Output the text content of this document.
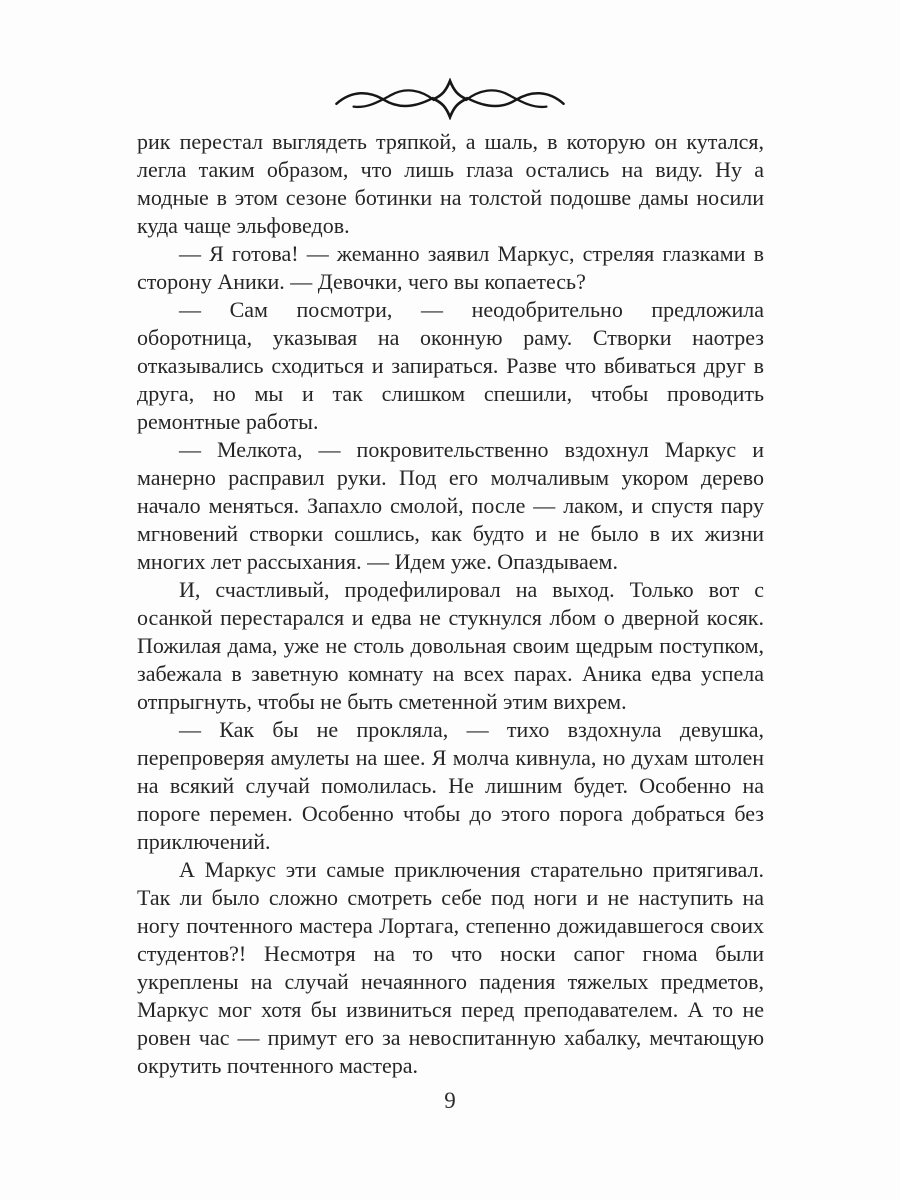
рик перестал выглядеть тряпкой, а шаль, в которую он кутался, легла таким образом, что лишь глаза остались на виду. Ну а модные в этом сезоне ботинки на толстой подошве дамы носили куда чаще эльфоведов.

— Я готова! — жеманно заявил Маркус, стреляя глазками в сторону Аники. — Девочки, чего вы копаетесь?

— Сам посмотри, — неодобрительно предложила оборотница, указывая на оконную раму. Створки наотрез отказывались сходиться и запираться. Разве что вбиваться друг в друга, но мы и так слишком спешили, чтобы проводить ремонтные работы.

— Мелкота, — покровительственно вздохнул Маркус и манерно расправил руки. Под его молчаливым укором дерево начало меняться. Запахло смолой, после — лаком, и спустя пару мгновений створки сошлись, как будто и не было в их жизни многих лет рассыхания. — Идем уже. Опаздываем.

И, счастливый, продефилировал на выход. Только вот с осанкой перестарался и едва не стукнулся лбом о дверной косяк. Пожилая дама, уже не столь довольная своим щедрым поступком, забежала в заветную комнату на всех парах. Аника едва успела отпрыгнуть, чтобы не быть сметенной этим вихрем.

— Как бы не прокляла, — тихо вздохнула девушка, перепроверяя амулеты на шее. Я молча кивнула, но духам штолен на всякий случай помолилась. Не лишним будет. Особенно на пороге перемен. Особенно чтобы до этого порога добраться без приключений.

А Маркус эти самые приключения старательно притягивал. Так ли было сложно смотреть себе под ноги и не наступить на ногу почтенного мастера Лортага, степенно дожидавшегося своих студентов?! Несмотря на то что носки сапог гнома были укреплены на случай нечаянного падения тяжелых предметов, Маркус мог хотя бы извиниться перед преподавателем. А то не ровен час — примут его за невоспитанную хабалку, мечтающую окрутить почтенного мастера.

9
